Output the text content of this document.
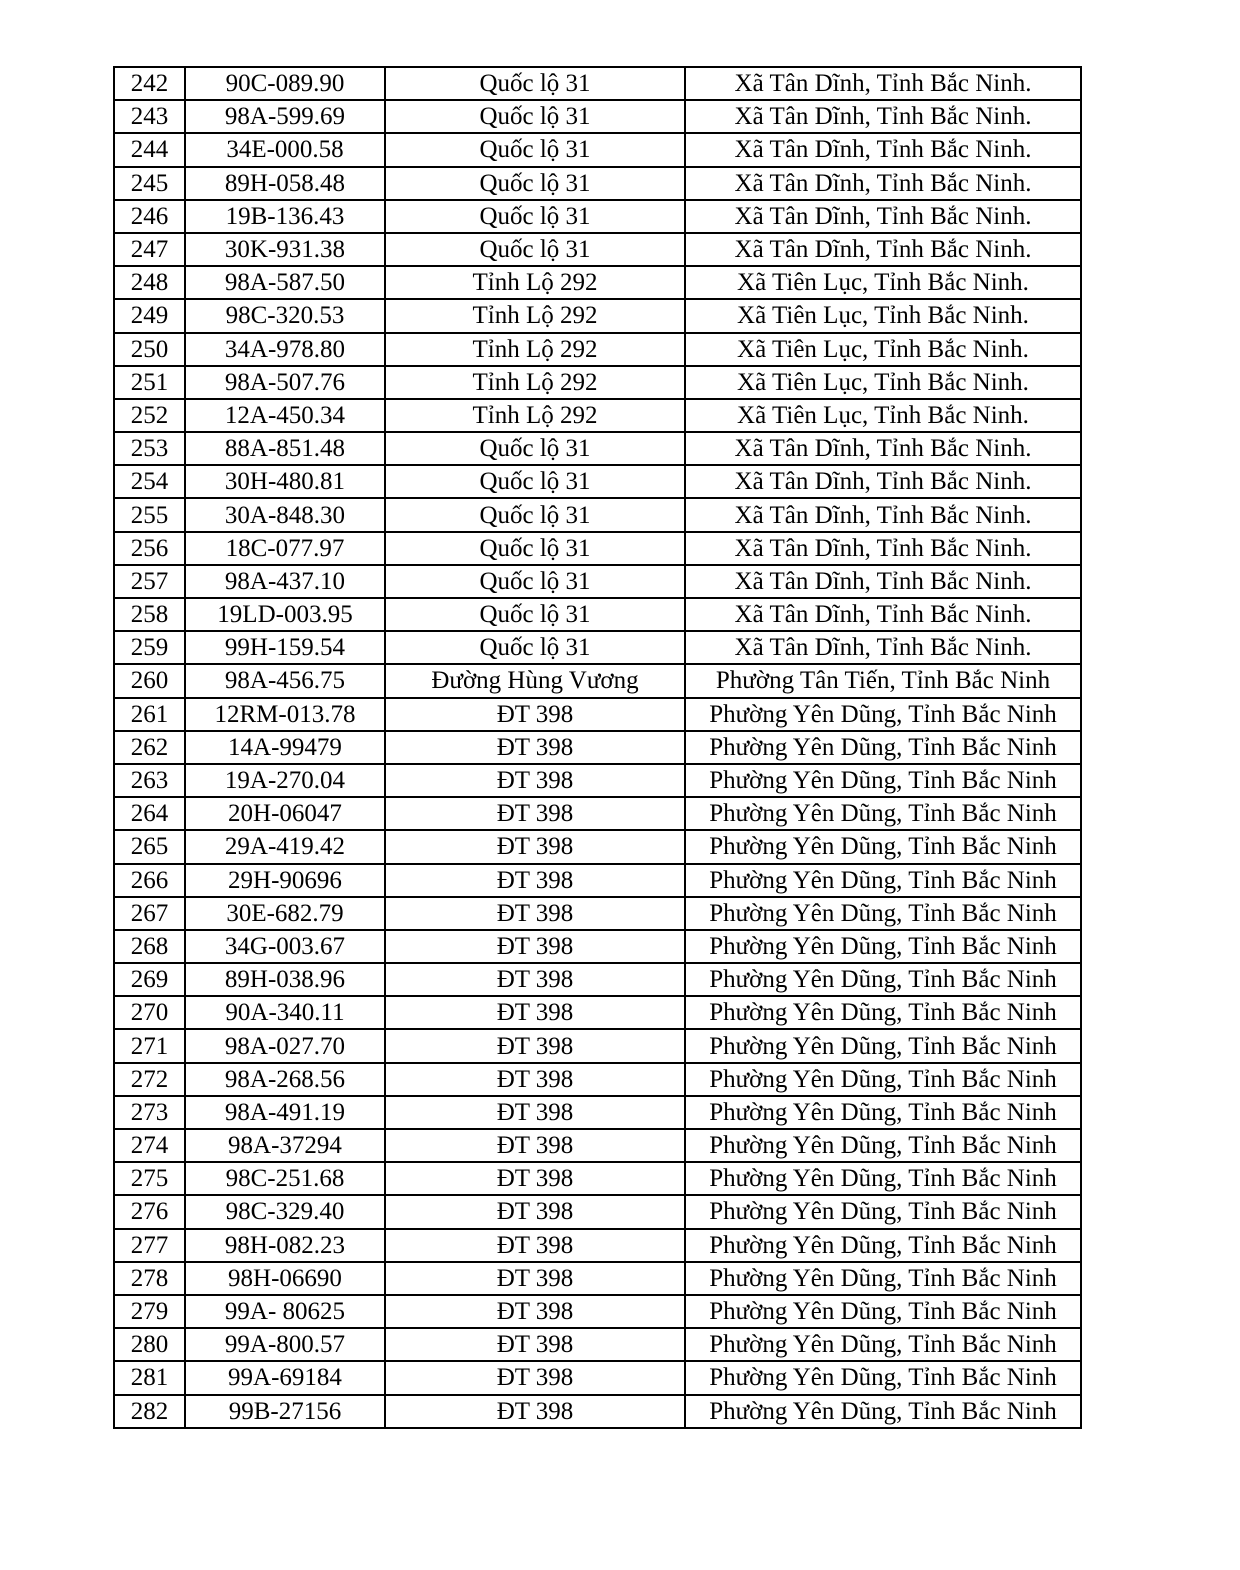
242	90C-089.90	Quốc lộ 31	Xã Tân Dĩnh, Tỉnh Bắc Ninh.
243	98A-599.69	Quốc lộ 31	Xã Tân Dĩnh, Tỉnh Bắc Ninh.
244	34E-000.58	Quốc lộ 31	Xã Tân Dĩnh, Tỉnh Bắc Ninh.
245	89H-058.48	Quốc lộ 31	Xã Tân Dĩnh, Tỉnh Bắc Ninh.
246	19B-136.43	Quốc lộ 31	Xã Tân Dĩnh, Tỉnh Bắc Ninh.
247	30K-931.38	Quốc lộ 31	Xã Tân Dĩnh, Tỉnh Bắc Ninh.
248	98A-587.50	Tỉnh Lộ 292	Xã Tiên Lục, Tỉnh Bắc Ninh.
249	98C-320.53	Tỉnh Lộ 292	Xã Tiên Lục, Tỉnh Bắc Ninh.
250	34A-978.80	Tỉnh Lộ 292	Xã Tiên Lục, Tỉnh Bắc Ninh.
251	98A-507.76	Tỉnh Lộ 292	Xã Tiên Lục, Tỉnh Bắc Ninh.
252	12A-450.34	Tỉnh Lộ 292	Xã Tiên Lục, Tỉnh Bắc Ninh.
253	88A-851.48	Quốc lộ 31	Xã Tân Dĩnh, Tỉnh Bắc Ninh.
254	30H-480.81	Quốc lộ 31	Xã Tân Dĩnh, Tỉnh Bắc Ninh.
255	30A-848.30	Quốc lộ 31	Xã Tân Dĩnh, Tỉnh Bắc Ninh.
256	18C-077.97	Quốc lộ 31	Xã Tân Dĩnh, Tỉnh Bắc Ninh.
257	98A-437.10	Quốc lộ 31	Xã Tân Dĩnh, Tỉnh Bắc Ninh.
258	19LD-003.95	Quốc lộ 31	Xã Tân Dĩnh, Tỉnh Bắc Ninh.
259	99H-159.54	Quốc lộ 31	Xã Tân Dĩnh, Tỉnh Bắc Ninh.
260	98A-456.75	Đường Hùng Vương	Phường Tân Tiến, Tỉnh Bắc Ninh
261	12RM-013.78	ĐT 398	Phường Yên Dũng, Tỉnh Bắc Ninh
262	14A-99479	ĐT 398	Phường Yên Dũng, Tỉnh Bắc Ninh
263	19A-270.04	ĐT 398	Phường Yên Dũng, Tỉnh Bắc Ninh
264	20H-06047	ĐT 398	Phường Yên Dũng, Tỉnh Bắc Ninh
265	29A-419.42	ĐT 398	Phường Yên Dũng, Tỉnh Bắc Ninh
266	29H-90696	ĐT 398	Phường Yên Dũng, Tỉnh Bắc Ninh
267	30E-682.79	ĐT 398	Phường Yên Dũng, Tỉnh Bắc Ninh
268	34G-003.67	ĐT 398	Phường Yên Dũng, Tỉnh Bắc Ninh
269	89H-038.96	ĐT 398	Phường Yên Dũng, Tỉnh Bắc Ninh
270	90A-340.11	ĐT 398	Phường Yên Dũng, Tỉnh Bắc Ninh
271	98A-027.70	ĐT 398	Phường Yên Dũng, Tỉnh Bắc Ninh
272	98A-268.56	ĐT 398	Phường Yên Dũng, Tỉnh Bắc Ninh
273	98A-491.19	ĐT 398	Phường Yên Dũng, Tỉnh Bắc Ninh
274	98A-37294	ĐT 398	Phường Yên Dũng, Tỉnh Bắc Ninh
275	98C-251.68	ĐT 398	Phường Yên Dũng, Tỉnh Bắc Ninh
276	98C-329.40	ĐT 398	Phường Yên Dũng, Tỉnh Bắc Ninh
277	98H-082.23	ĐT 398	Phường Yên Dũng, Tỉnh Bắc Ninh
278	98H-06690	ĐT 398	Phường Yên Dũng, Tỉnh Bắc Ninh
279	99A- 80625	ĐT 398	Phường Yên Dũng, Tỉnh Bắc Ninh
280	99A-800.57	ĐT 398	Phường Yên Dũng, Tỉnh Bắc Ninh
281	99A-69184	ĐT 398	Phường Yên Dũng, Tỉnh Bắc Ninh
282	99B-27156	ĐT 398	Phường Yên Dũng, Tỉnh Bắc Ninh
